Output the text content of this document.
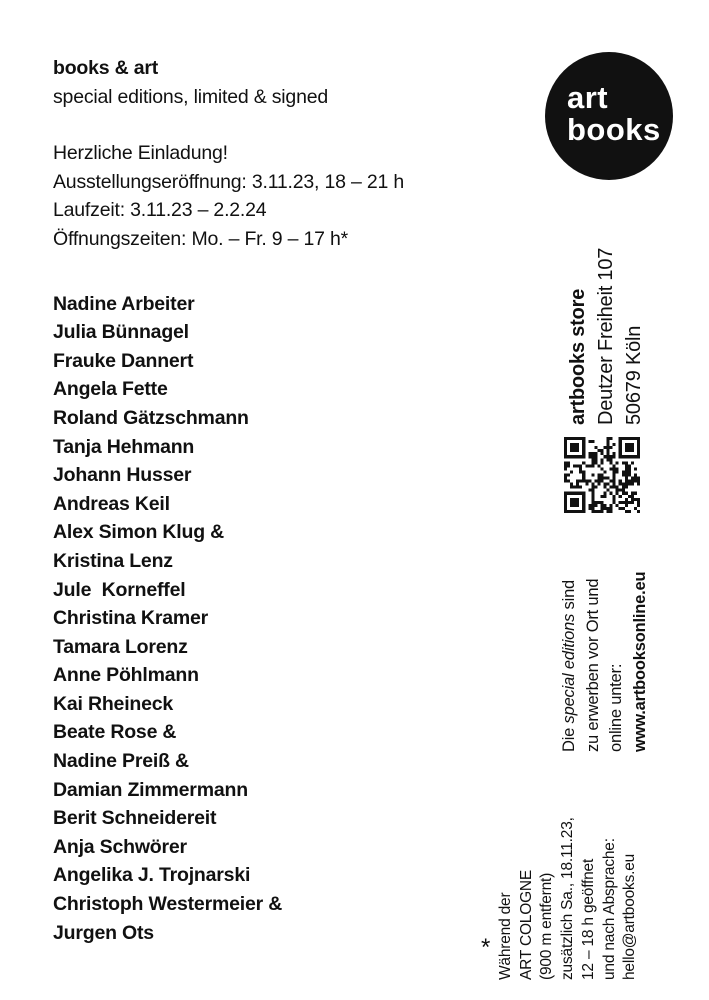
books & art
special editions, limited & signed
Herzliche Einladung!
Ausstellungseröffnung: 3.11.23, 18 – 21 h
Laufzeit: 3.11.23 – 2.2.24
Öffnungszeiten: Mo. – Fr. 9 – 17 h*
Nadine Arbeiter
Julia Bünnagel
Frauke Dannert
Angela Fette
Roland Gätzschmann
Tanja Hehmann
Johann Husser
Andreas Keil
Alex Simon Klug &
Kristina Lenz
Jule  Korneffel
Christina Kramer
Tamara Lorenz
Anne Pöhlmann
Kai Rheineck
Beate Rose &
Nadine Preiß &
Damian Zimmermann
Berit Schneidereit
Anja Schwörer
Angelika J. Trojnarski
Christoph Westermeier &
Jurgen Ots
art
books
artbooks store Deutzer Freiheit 107 50679 Köln
Die special editions sind zu erwerben vor Ort und online unter: www.artbooksonline.eu
* Während der ART COLOGNE (900 m entfernt) zusätzlich Sa., 18.11.23, 12 – 18 h geöffnet und nach Absprache: hello@artbooks.eu
